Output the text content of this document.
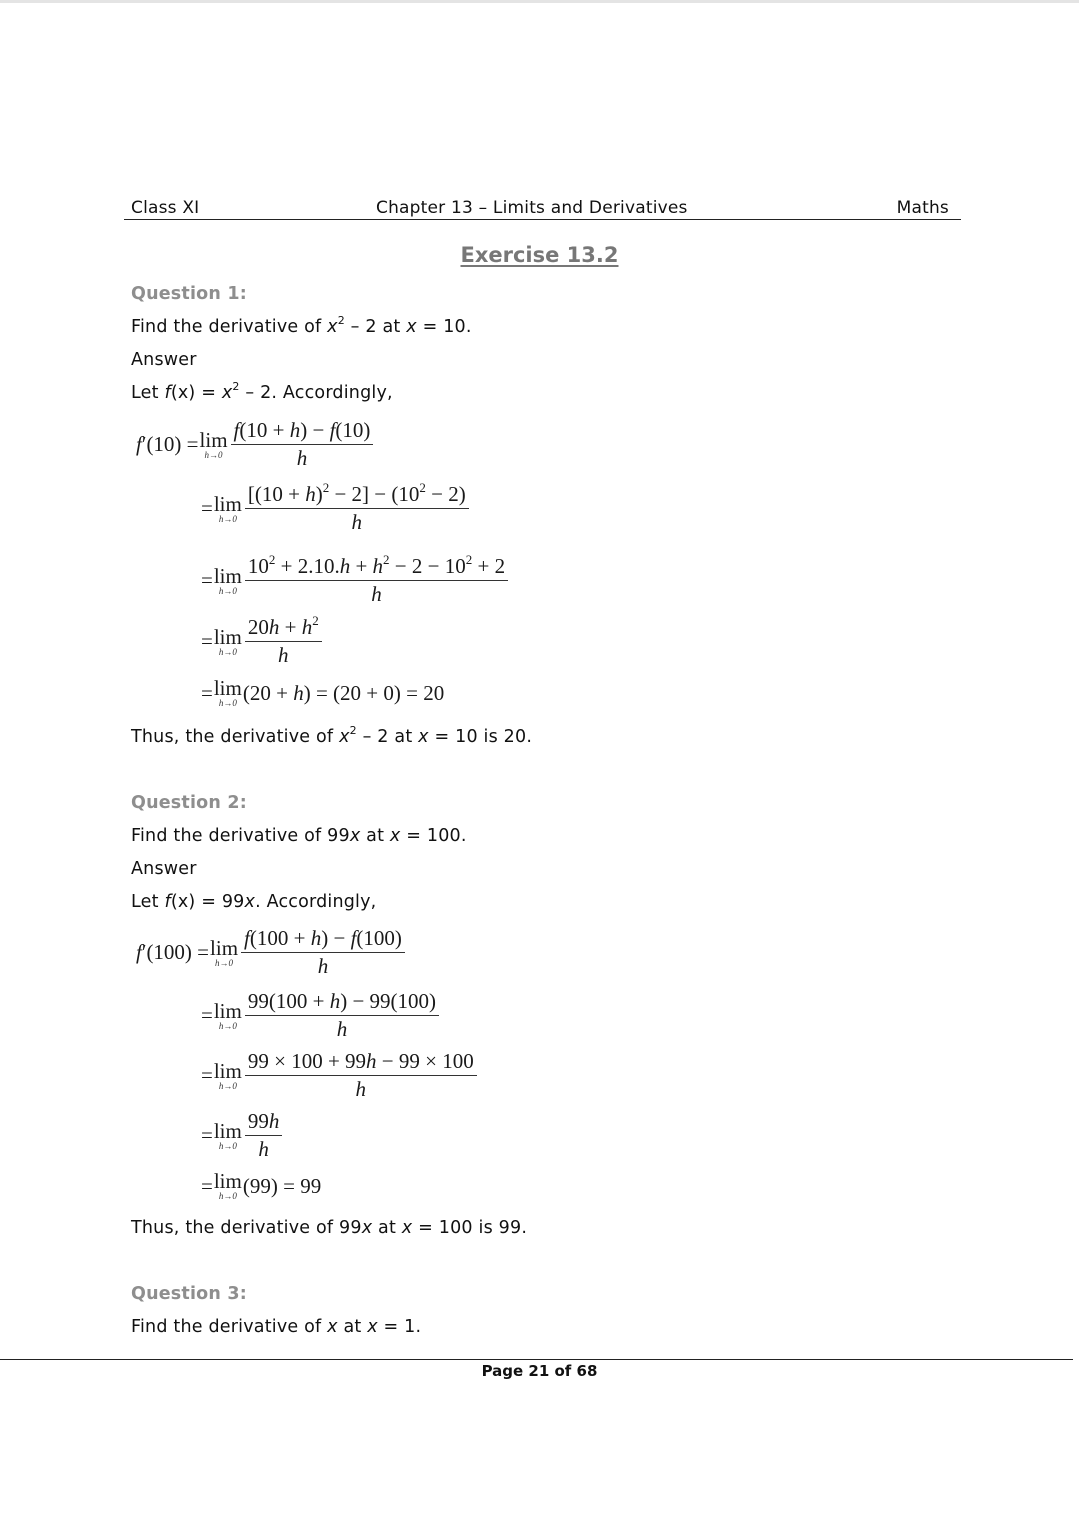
Class XI	Chapter 13 – Limits and Derivatives	Maths
Exercise 13.2
Question 1:
Find the derivative of $x^2 - 2$ at x = 10.
Answer
Let $f(x) = x^2 - 2$. Accordingly,
f′(10) = lim
$h\to 0 \frac{f(10 + h) - f(10)}{h}$
= lim
$h\to 0 \frac{[(10 + h)^2 - 2] - (10^2 - 2)}{h}$
= lim
$h\to 0 \frac{10^2 + 2.10.h + h^2 - 2 - 10^2 + 2}{h}$
= lim
$h\to 0 \frac{20h + h^2}{h}$
= lim
h→0 (20 + h) = (20 + 0) = 20
Thus, the derivative of $x^2 - 2$ at x = 10 is 20.
Question 2:
Find the derivative of 99x at x = 100.
Answer
Let f(x) = 99x. Accordingly,
f′(100) = lim
$h\to 0 \frac{f(100 + h) - f(100)}{h}$
= lim
$h\to 0 \frac{99(100 + h) - 99(100)}{h}$
= lim
$h\to 0 \frac{99 \times 100 + 99h - 99 \times 100}{h}$
= lim
$h\to 0 \frac{99h}{h}$
= lim
h→0 (99) = 99
Thus, the derivative of 99x at x = 100 is 99.
Question 3:
Find the derivative of x at x = 1.
Page 21 of 68
